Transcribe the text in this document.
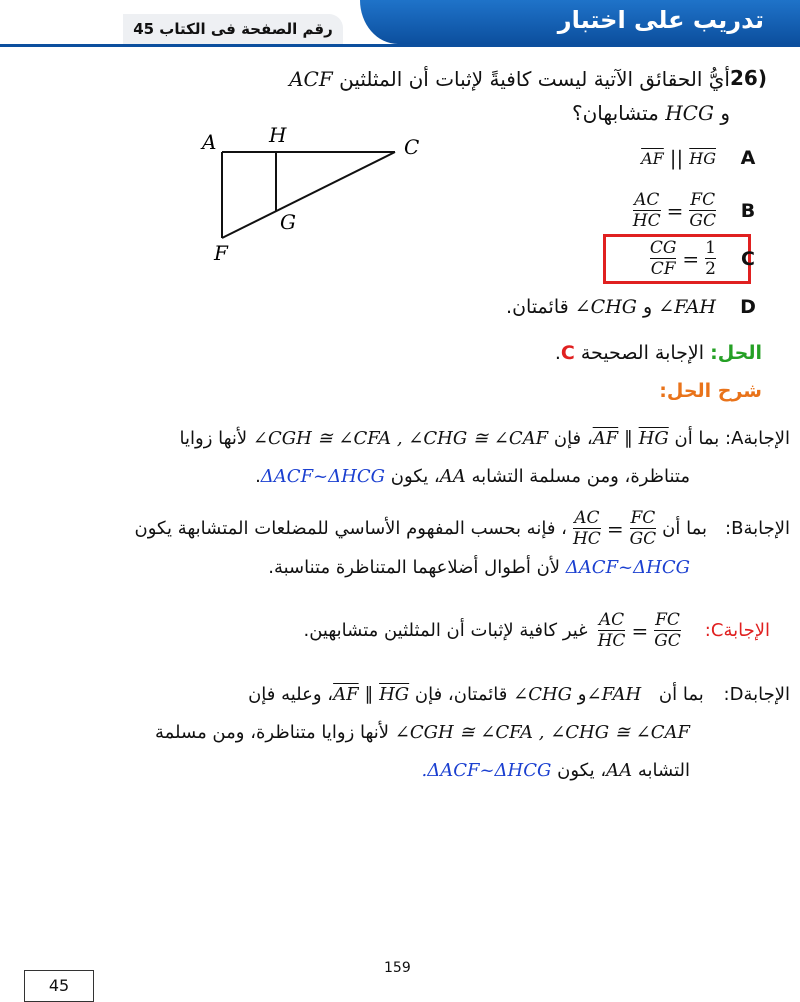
رقم الصفحة فى الكتاب 45	تدريب على اختبار
26)
أيُّ الحقائق الآتية ليست كافيةً لإثبات أن المثلثين ACF
و HCG متشابهان؟
A	H	C
G
F
A
$\overline{AF}$ || $\overline{HG}$
B
$\frac{AC}{HC} = \frac{FC}{GC}$
C
$\frac{CG}{CF} = \frac{1}{2}$
D
∠FAH و ∠CHG قائمتان.
الحل: الإجابة الصحيحة C.
شرح الحل:
الإجابةA: بما أن AF ∥ HG، فإن ∠CGH ≅ ∠CFA , ∠CHG ≅ ∠CAF لأنها زوايا
متناظرة، ومن مسلمة التشابه AA، يكون ΔACF~ΔHCG.
الإجابةB:
بما أن
$\frac{AC}{HC} = \frac{FC}{GC}$
، فإنه بحسب المفهوم الأساسي للمضلعات المتشابهة يكون
ΔACF~ΔHCG لأن أطوال أضلاعهما المتناظرة متناسبة.
الإجابةC:
$\frac{AC}{HC} = \frac{FC}{GC}$
غير كافية لإثبات أن المثلثين متشابهين.
الإجابةD: بما أن ∠FAHو ∠CHG قائمتان، فإن AF ∥ HG، وعليه فإن
∠CGH ≅ ∠CFA , ∠CHG ≅ ∠CAF لأنها زوايا متناظرة، ومن مسلمة
التشابه AA، يكون .ΔACF~ΔHCG
159
45
